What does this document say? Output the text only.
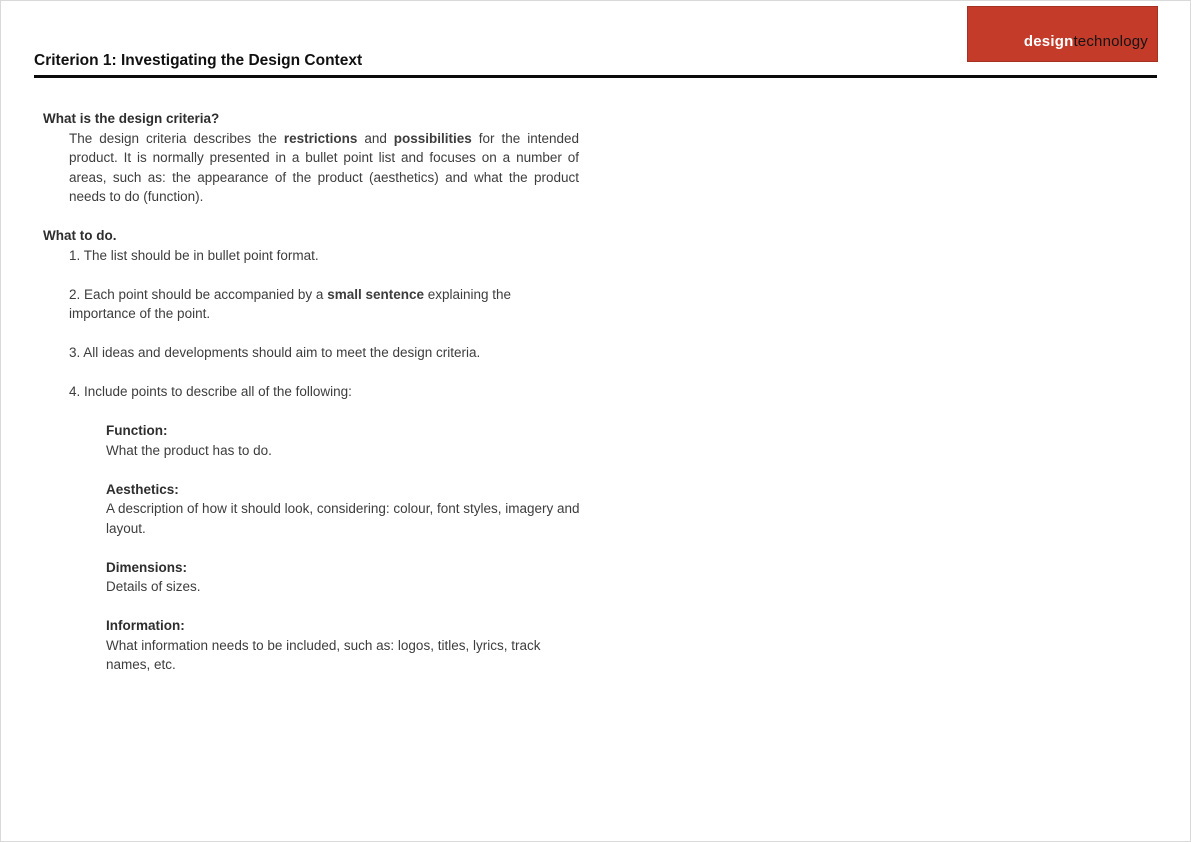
designtechnology
Criterion 1: Investigating the Design Context
What is the design criteria?

The design criteria describes the restrictions and possibilities for the intended product. It is normally presented in a bullet point list and focuses on a number of areas, such as: the appearance of the product (aesthetics) and what the product needs to do (function).

What to do.

1. The list should be in bullet point format.

2. Each point should be accompanied by a small sentence explaining the importance of the point.

3. All ideas and developments should aim to meet the design criteria.

4. Include points to describe all of the following:

Function:
What the product has to do.
Aesthetics:
A description of how it should look, considering: colour, font styles, imagery and layout.
Dimensions:
Details of sizes.
Information:
What information needs to be included, such as: logos, titles, lyrics, track names, etc.
